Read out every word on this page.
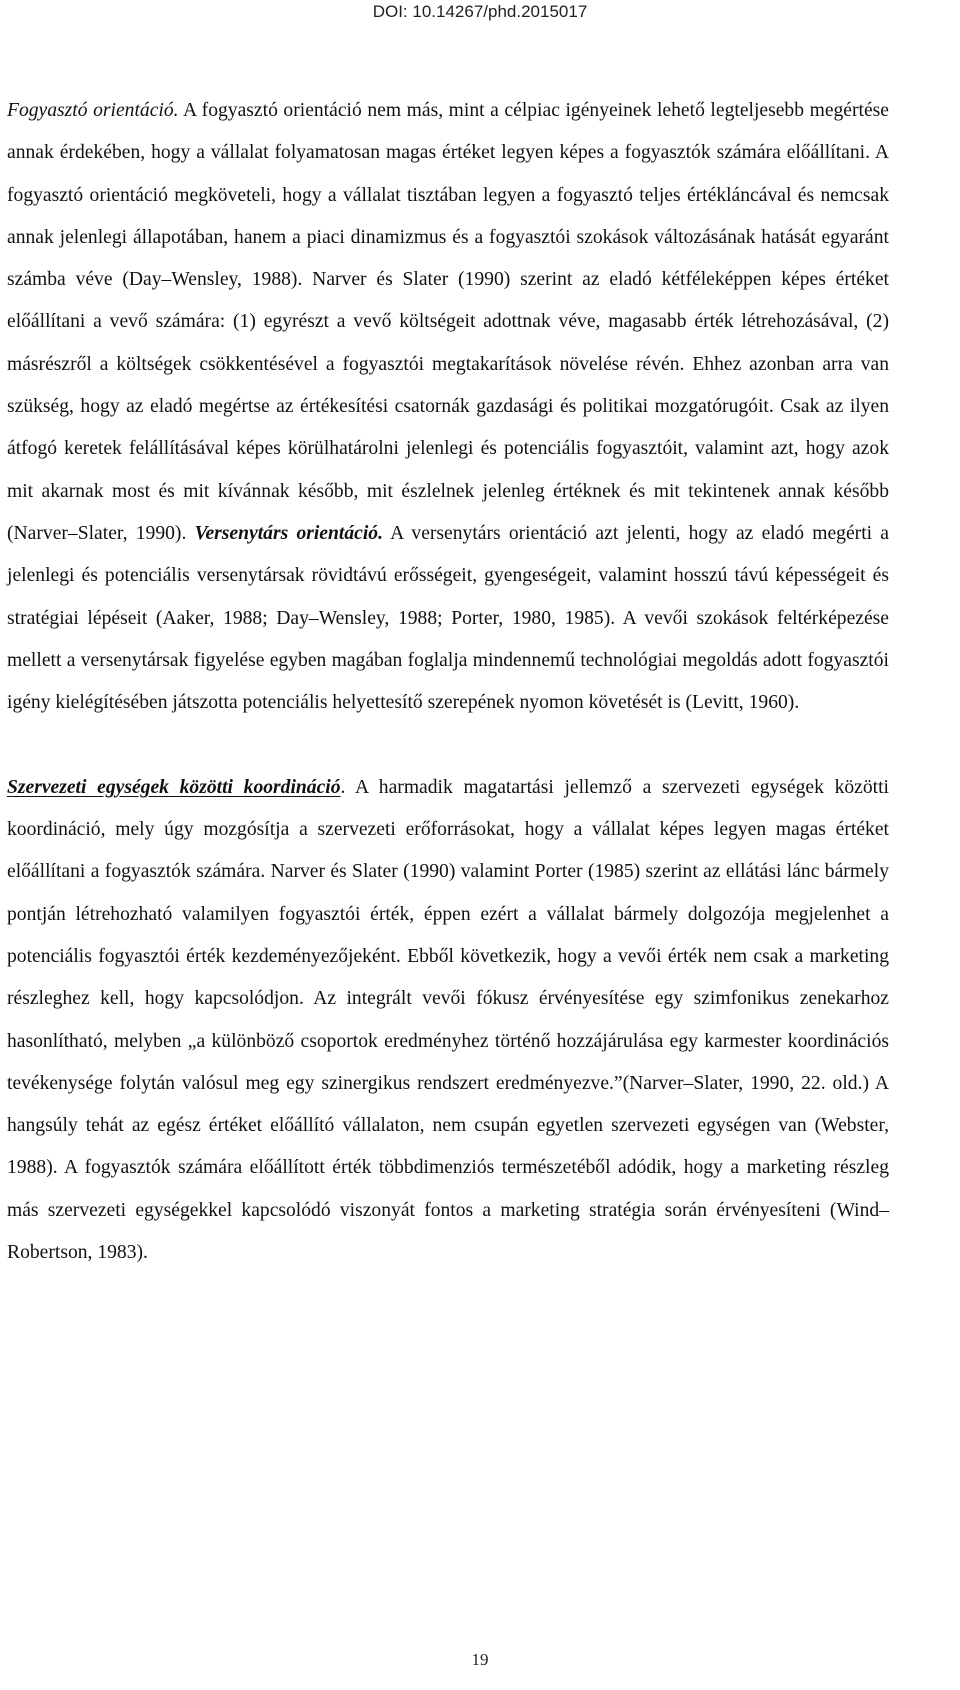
DOI: 10.14267/phd.2015017

Fogyasztó orientáció. A fogyasztó orientáció nem más, mint a célpiac igényeinek lehető legteljesebb megértése annak érdekében, hogy a vállalat folyamatosan magas értéket legyen képes a fogyasztók számára előállítani. A fogyasztó orientáció megköveteli, hogy a vállalat tisztában legyen a fogyasztó teljes értékláncával és nemcsak annak jelenlegi állapotában, hanem a piaci dinamizmus és a fogyasztói szokások változásának hatását egyaránt számba véve (Day–Wensley, 1988). Narver és Slater (1990) szerint az eladó kétféleképpen képes értéket előállítani a vevő számára: (1) egyrészt a vevő költségeit adottnak véve, magasabb érték létrehozásával, (2) másrészről a költségek csökkentésével a fogyasztói megtakarítások növelése révén. Ehhez azonban arra van szükség, hogy az eladó megértse az értékesítési csatornák gazdasági és politikai mozgatórugóit. Csak az ilyen átfogó keretek felállításával képes körülhatárolni jelenlegi és potenciális fogyasztóit, valamint azt, hogy azok mit akarnak most és mit kívánnak később, mit észlelnek jelenleg értéknek és mit tekintenek annak később (Narver–Slater, 1990). Versenytárs orientáció. A versenytárs orientáció azt jelenti, hogy az eladó megérti a jelenlegi és potenciális versenytársak rövidtávú erősségeit, gyengeségeit, valamint hosszú távú képességeit és stratégiai lépéseit (Aaker, 1988; Day–Wensley, 1988; Porter, 1980, 1985). A vevői szokások feltérképezése mellett a versenytársak figyelése egyben magában foglalja mindennemű technológiai megoldás adott fogyasztói igény kielégítésében játszotta potenciális helyettesítő szerepének nyomon követését is (Levitt, 1960).

Szervezeti egységek közötti koordináció. A harmadik magatartási jellemző a szervezeti egységek közötti koordináció, mely úgy mozgósítja a szervezeti erőforrásokat, hogy a vállalat képes legyen magas értéket előállítani a fogyasztók számára. Narver és Slater (1990) valamint Porter (1985) szerint az ellátási lánc bármely pontján létrehozható valamilyen fogyasztói érték, éppen ezért a vállalat bármely dolgozója megjelenhet a potenciális fogyasztói érték kezdeményezőjeként. Ebből következik, hogy a vevői érték nem csak a marketing részleghez kell, hogy kapcsolódjon. Az integrált vevői fókusz érvényesítése egy szimfonikus zenekarhoz hasonlítható, melyben „a különböző csoportok eredményhez történő hozzájárulása egy karmester koordinációs tevékenysége folytán valósul meg egy szinergikus rendszert eredményezve.”(Narver–Slater, 1990, 22. old.) A hangsúly tehát az egész értéket előállító vállalaton, nem csupán egyetlen szervezeti egységen van (Webster, 1988). A fogyasztók számára előállított érték többdimenziós természetéből adódik, hogy a marketing részleg más szervezeti egységekkel kapcsolódó viszonyát fontos a marketing stratégia során érvényesíteni (Wind–Robertson, 1983).

19
